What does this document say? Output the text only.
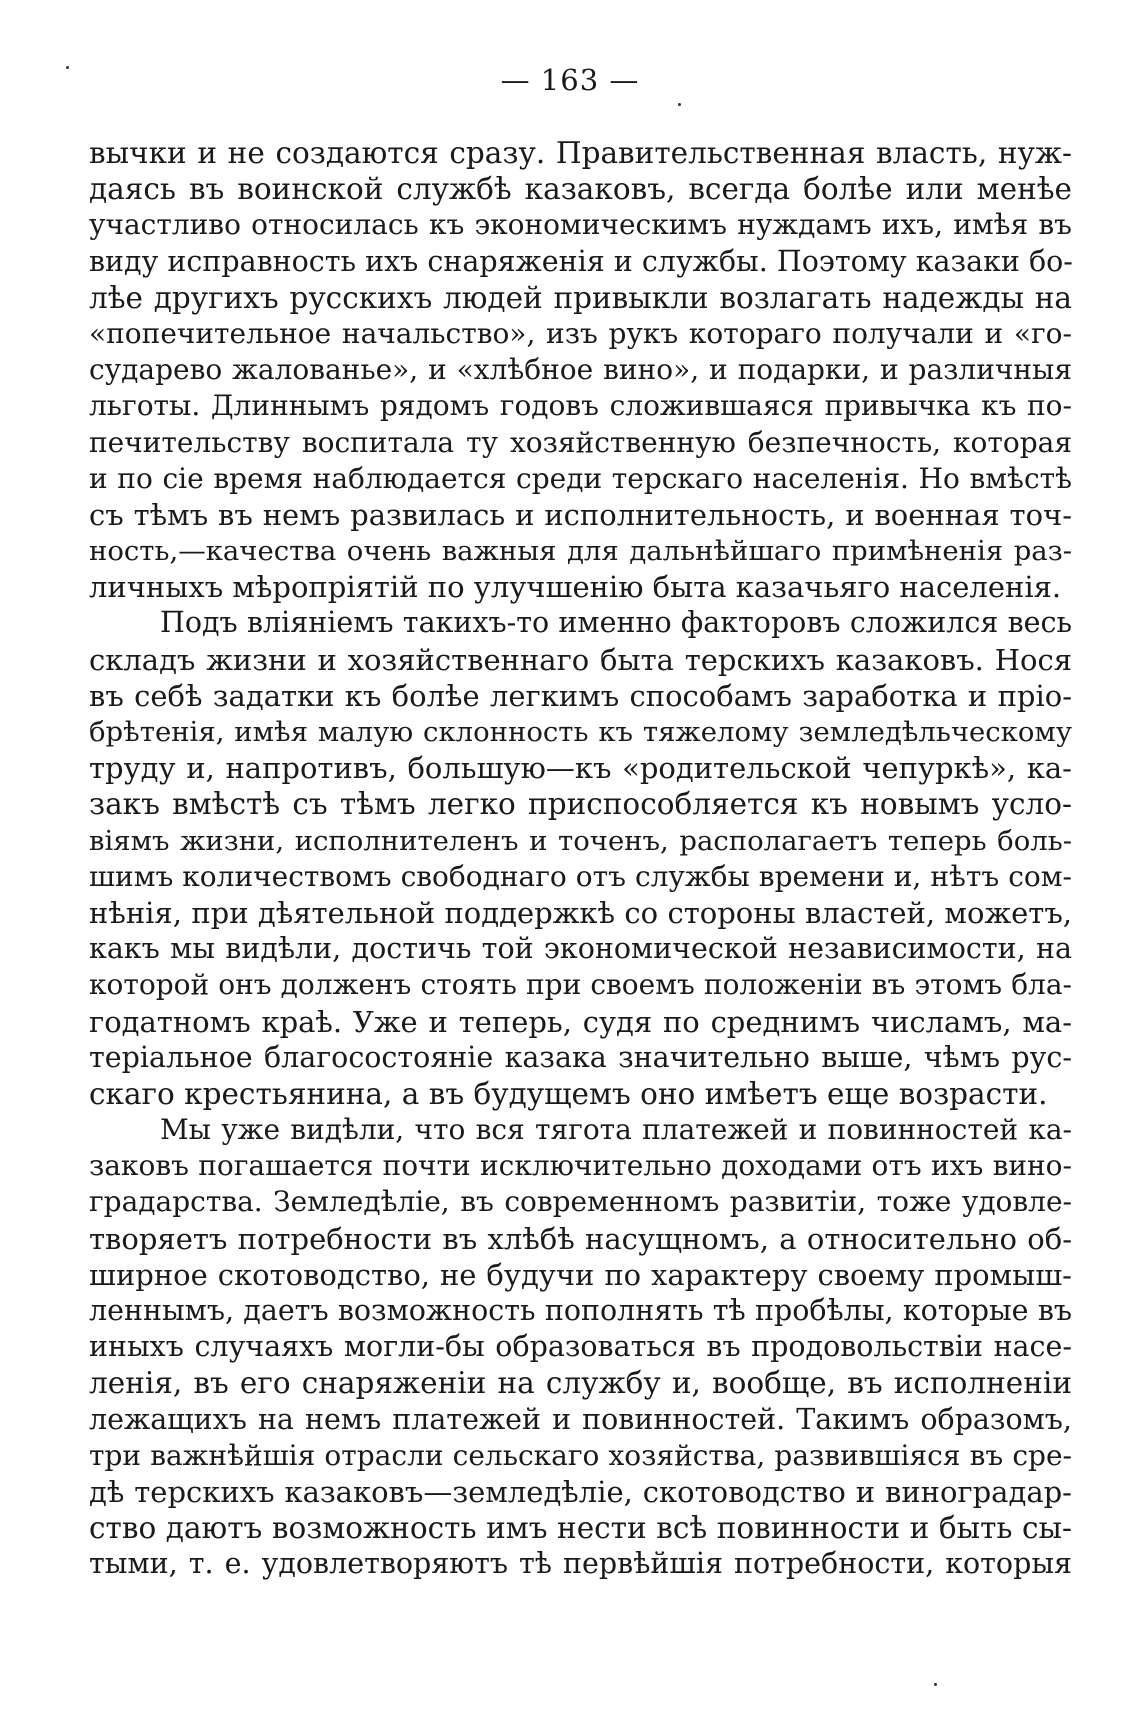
— 163 —
вычки и не создаются сразу. Правительственная власть, нуж-
даясь въ воинской службѣ казаковъ, всегда болѣе или менѣе
участливо относилась къ экономическимъ нуждамъ ихъ, имѣя въ
виду исправность ихъ снаряженія и службы. Поэтому казаки бо-
лѣе другихъ русскихъ людей привыкли возлагать надежды на
«попечительное начальство», изъ рукъ котораго получали и «го-
сударево жалованье», и «хлѣбное вино», и подарки, и различныя
льготы. Длиннымъ рядомъ годовъ сложившаяся привычка къ по-
печительству воспитала ту хозяйственную безпечность, которая
и по сіе время наблюдается среди терскаго населенія. Но вмѣстѣ
съ тѣмъ въ немъ развилась и исполнительность, и военная точ-
ность,—качества очень важныя для дальнѣйшаго примѣненія раз-
личныхъ мѣропріятій по улучшенію быта казачьяго населенія.
Подъ вліяніемъ такихъ-то именно факторовъ сложился весь
складъ жизни и хозяйственнаго быта терскихъ казаковъ. Нося
въ себѣ задатки къ болѣе легкимъ способамъ заработка и пріо-
брѣтенія, имѣя малую склонность къ тяжелому земледѣльческому
труду и, напротивъ, большую—къ «родительской чепуркѣ», ка-
закъ вмѣстѣ съ тѣмъ легко приспособляется къ новымъ усло-
віямъ жизни, исполнителенъ и точенъ, располагаетъ теперь боль-
шимъ количествомъ свободнаго отъ службы времени и, нѣтъ сом-
нѣнія, при дѣятельной поддержкѣ со стороны властей, можетъ,
какъ мы видѣли, достичь той экономической независимости, на
которой онъ долженъ стоять при своемъ положеніи въ этомъ бла-
годатномъ краѣ. Уже и теперь, судя по среднимъ числамъ, ма-
теріальное благосостояніе казака значительно выше, чѣмъ рус-
скаго крестьянина, а въ будущемъ оно имѣетъ еще возрасти.
Мы уже видѣли, что вся тягота платежей и повинностей ка-
заковъ погашается почти исключительно доходами отъ ихъ вино-
градарства. Земледѣліе, въ современномъ развитіи, тоже удовле-
творяетъ потребности въ хлѣбѣ насущномъ, а относительно об-
ширное скотоводство, не будучи по характеру своему промыш-
леннымъ, даетъ возможность пополнять тѣ пробѣлы, которые въ
иныхъ случаяхъ могли-бы образоваться въ продовольствіи насе-
ленія, въ его снаряженіи на службу и, вообще, въ исполненіи
лежащихъ на немъ платежей и повинностей. Такимъ образомъ,
три важнѣйшія отрасли сельскаго хозяйства, развившіяся въ сре-
дѣ терскихъ казаковъ—земледѣліе, скотоводство и виноградар-
ство даютъ возможность имъ нести всѣ повинности и быть сы-
тыми, т. е. удовлетворяютъ тѣ первѣйшія потребности, которыя
